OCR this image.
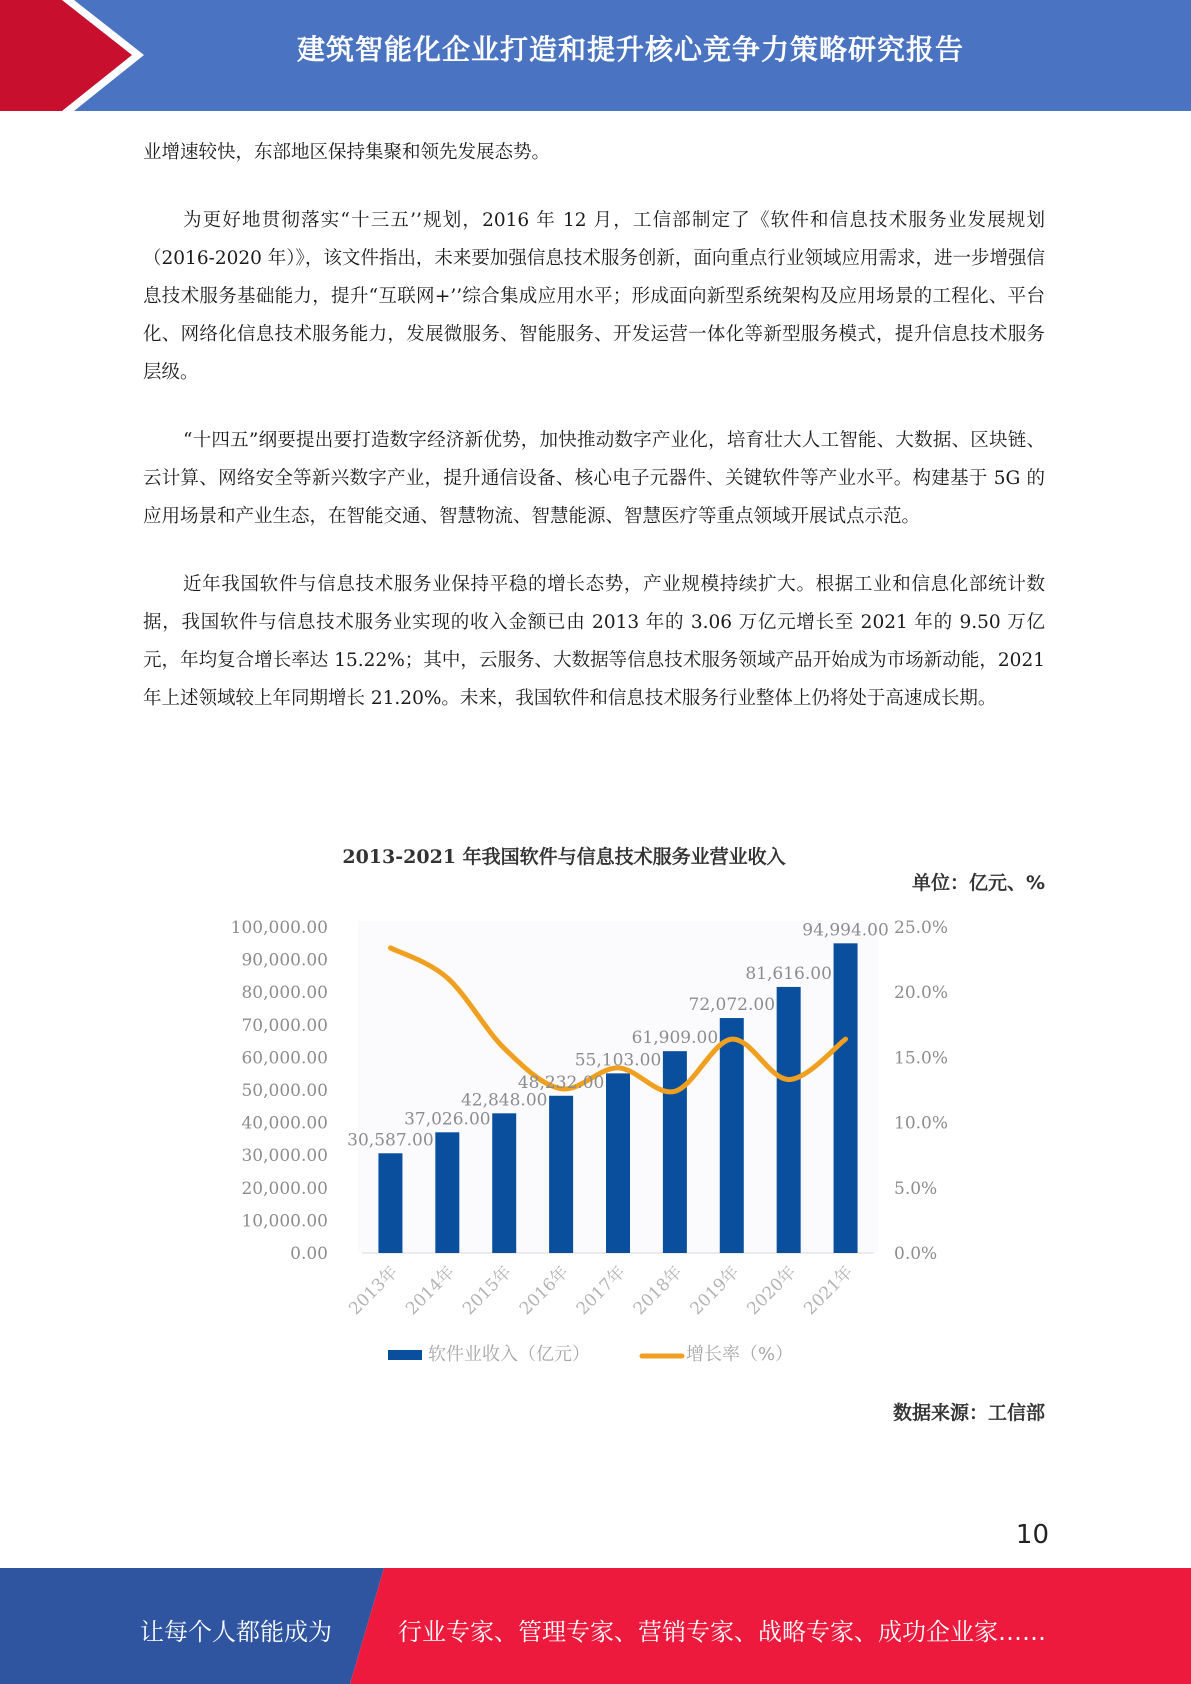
建筑智能化企业打造和提升核心竞争力策略研究报告

业增速较快，东部地区保持集聚和领先发展态势。

为更好地贯彻落实“十三五’’规划，2016 年 12 月，工信部制定了《软件和信息技术服务业发展规划（2016-2020 年）》，该文件指出，未来要加强信息技术服务创新，面向重点行业领域应用需求，进一步增强信息技术服务基础能力，提升“互联网+’’综合集成应用水平；形成面向新型系统架构及应用场景的工程化、平台化、网络化信息技术服务能力，发展微服务、智能服务、开发运营一体化等新型服务模式，提升信息技术服务层级。

“十四五”纲要提出要打造数字经济新优势，加快推动数字产业化，培育壮大人工智能、大数据、区块链、云计算、网络安全等新兴数字产业，提升通信设备、核心电子元器件、关键软件等产业水平。构建基于 5G 的应用场景和产业生态，在智能交通、智慧物流、智慧能源、智慧医疗等重点领域开展试点示范。

近年我国软件与信息技术服务业保持平稳的增长态势，产业规模持续扩大。根据工业和信息化部统计数据，我国软件与信息技术服务业实现的收入金额已由 2013 年的 3.06 万亿元增长至 2021 年的 9.50 万亿元，年均复合增长率达 15.22%；其中，云服务、大数据等信息技术服务领域产品开始成为市场新动能，2021 年上述领域较上年同期增长 21.20%。未来，我国软件和信息技术服务行业整体上仍将处于高速成长期。

2013-2021 年我国软件与信息技术服务业营业收入
单位：亿元、%
0.00
10,000.00
20,000.00
30,000.00
40,000.00
50,000.00
60,000.00
70,000.00
80,000.00
90,000.00
100,000.00
0.0%
5.0%
10.0%
15.0%
20.0%
25.0%
30,587.00
37,026.00
42,848.00
48,232.00
55,103.00
61,909.00
72,072.00
81,616.00
94,994.00
2013年 2014年 2015年 2016年 2017年 2018年 2019年 2020年 2021年
软件业收入（亿元）	增长率（%）
数据来源：工信部
10
让每个人都能成为	行业专家、管理专家、营销专家、战略专家、成功企业家……
